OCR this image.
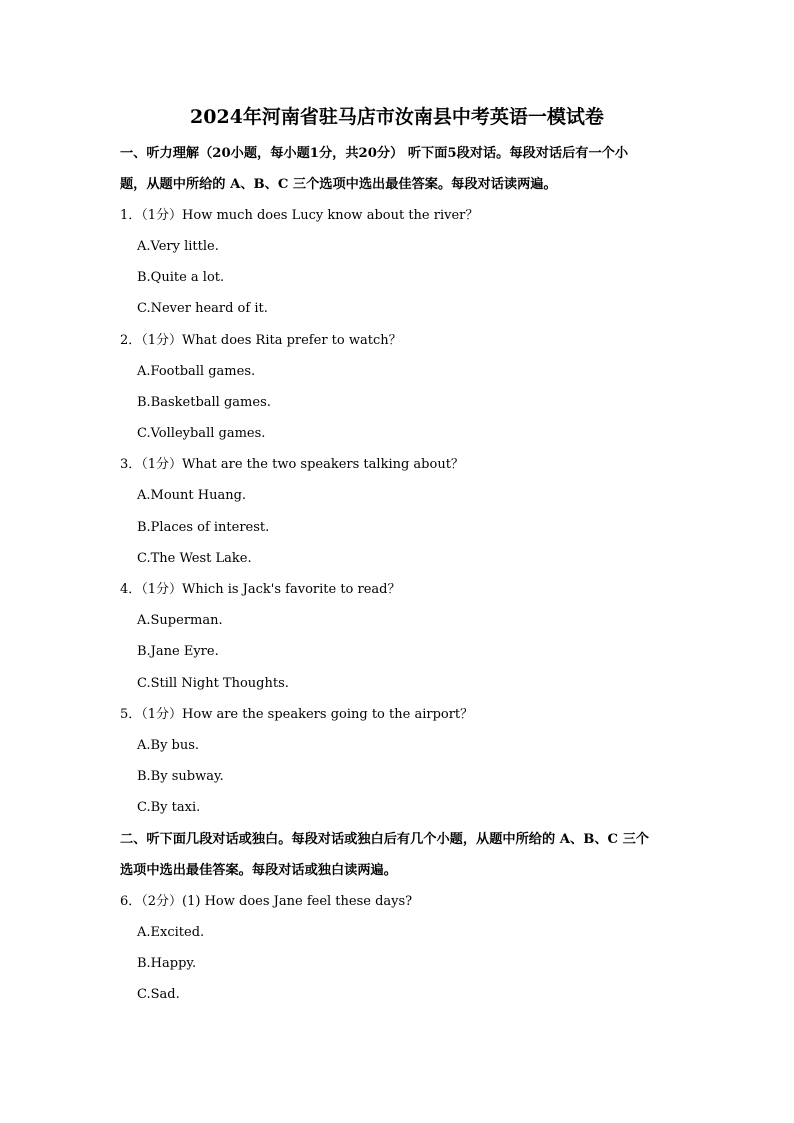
2024年河南省驻马店市汝南县中考英语一模试卷
一、听力理解（20小题，每小题1分，共20分） 听下面5段对话。每段对话后有一个小
题，从题中所给的 A、B、C 三个选项中选出最佳答案。每段对话读两遍。
1．（1分）How much does Lucy know about the river？
A.Very little.
B.Quite a lot.
C.Never heard of it.
2．（1分）What does Rita prefer to watch？
A.Football games.
B.Basketball games.
C.Volleyball games.
3．（1分）What are the two speakers talking about？
A.Mount Huang.
B.Places of interest.
C.The West Lake.
4．（1分）Which is Jack's favorite to read？
A.Superman.
B.Jane Eyre.
C.Still Night Thoughts.
5．（1分）How are the speakers going to the airport？
A.By bus.
B.By subway.
C.By taxi.
二、听下面几段对话或独白。每段对话或独白后有几个小题，从题中所给的 A、B、C 三个
选项中选出最佳答案。每段对话或独白读两遍。
6．（2分）(1) How does Jane feel these days?
A.Excited.
B.Happy.
C.Sad.
